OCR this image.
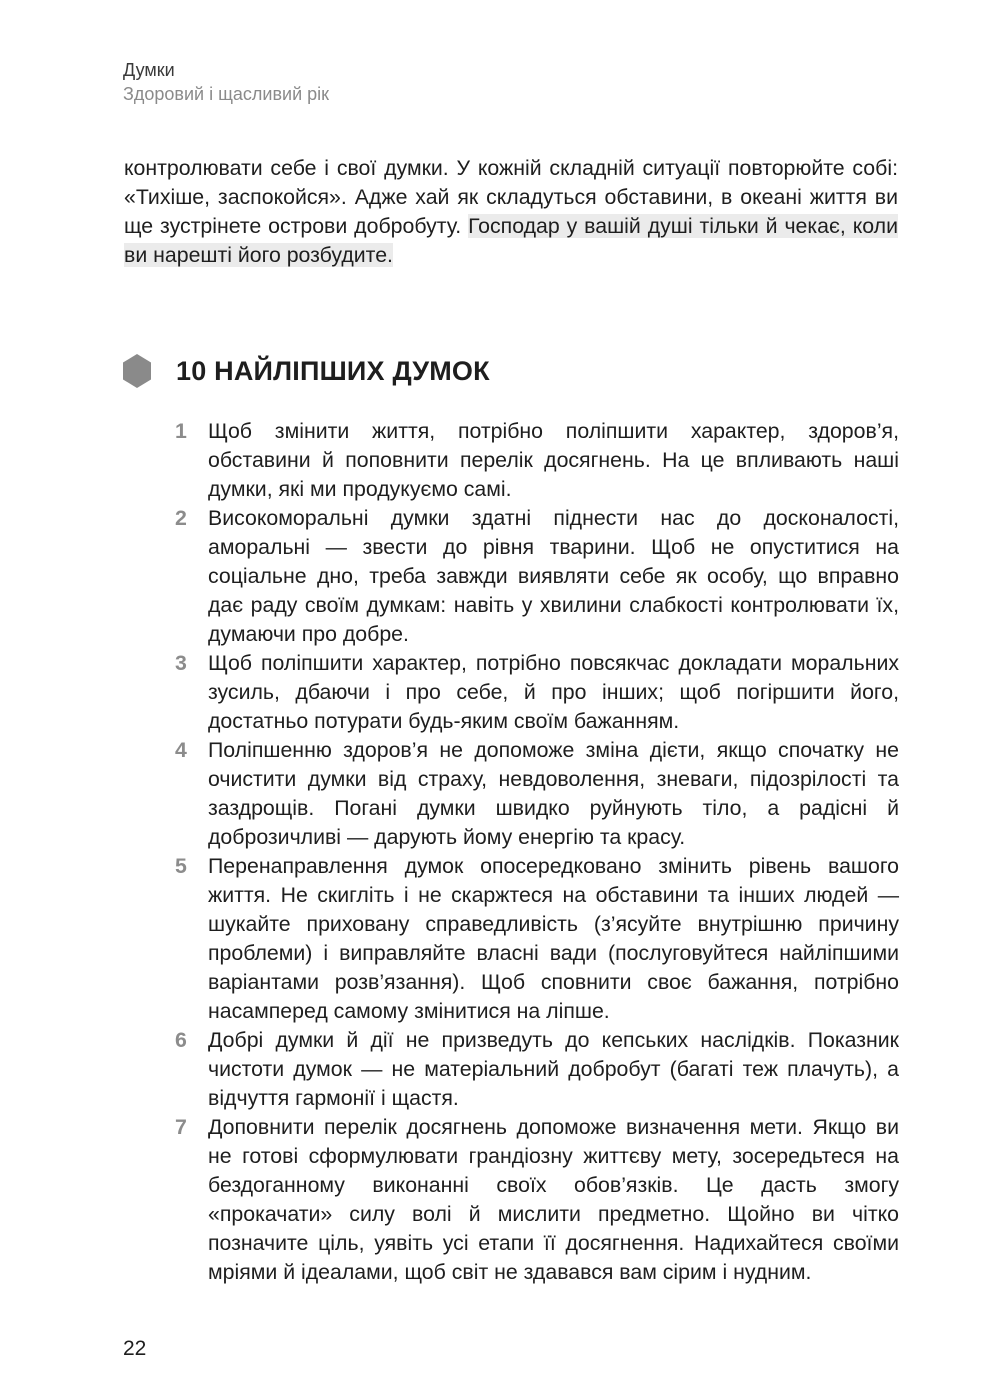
Думки
Здоровий і щасливий рік

контролювати себе і свої думки. У кожній складній ситуації повторюйте собі: «Тихіше, заспокойся». Адже хай як складуться обставини, в океані життя ви ще зустрінете острови добробуту. Господар у вашій душі тільки й чекає, коли ви нарешті його розбудите.

10 НАЙЛІПШИХ ДУМОК
1 Щоб змінити життя, потрібно поліпшити характер, здоров’я, обставини й поповнити перелік досягнень. На це впливають наші думки, які ми продукуємо самі.
2 Високоморальні думки здатні піднести нас до досконалості, аморальні — звести до рівня тварини. Щоб не опуститися на соціальне дно, треба завжди виявляти себе як особу, що вправно дає раду своїм думкам: навіть у хвилини слабкості контролювати їх, думаючи про добре.
3 Щоб поліпшити характер, потрібно повсякчас докладати моральних зусиль, дбаючи і про себе, й про інших; щоб погіршити його, достатньо потурати будь-яким своїм бажанням.
4 Поліпшенню здоров’я не допоможе зміна дієти, якщо спочатку не очистити думки від страху, невдоволення, зневаги, підозрілості та заздрощів. Погані думки швидко руйнують тіло, а радісні й доброзичливі — дарують йому енергію та красу.
5 Перенаправлення думок опосередковано змінить рівень вашого життя. Не скигліть і не скаржтеся на обставини та інших людей — шукайте приховану справедливість (з’ясуйте внутрішню причину проблеми) і виправляйте власні вади (послуговуйтеся найліпшими варіантами розв’язання). Щоб сповнити своє бажання, потрібно насамперед самому змінитися на ліпше.
6 Добрі думки й дії не призведуть до кепських наслідків. Показник чистоти думок — не матеріальний добробут (багаті теж плачуть), а відчуття гармонії і щастя.
7 Доповнити перелік досягнень допоможе визначення мети. Якщо ви не готові сформулювати грандіозну життєву мету, зосередьтеся на бездоганному виконанні своїх обов’язків. Це дасть змогу «прокачати» силу волі й мислити предметно. Щойно ви чітко позначите ціль, уявіть усі етапи її досягнення. Надихайтеся своїми мріями й ідеалами, щоб світ не здавався вам сірим і нудним.
22
